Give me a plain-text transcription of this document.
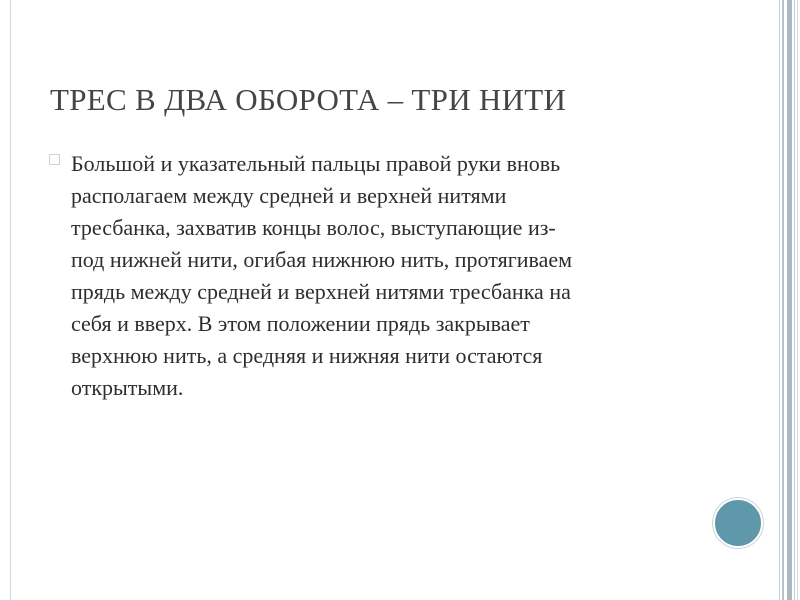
ТРЕС В ДВА ОБОРОТА – ТРИ НИТИ
□ Большой и указательный пальцы правой руки вновь
располагаем между средней и верхней нитями
тресбанка, захватив концы волос, выступающие из-
под нижней нити, огибая нижнюю нить, протягиваем
прядь между средней и верхней нитями тресбанка на
себя и вверх. В этом положении прядь закрывает
верхнюю нить, а средняя и нижняя нити остаются
открытыми.
